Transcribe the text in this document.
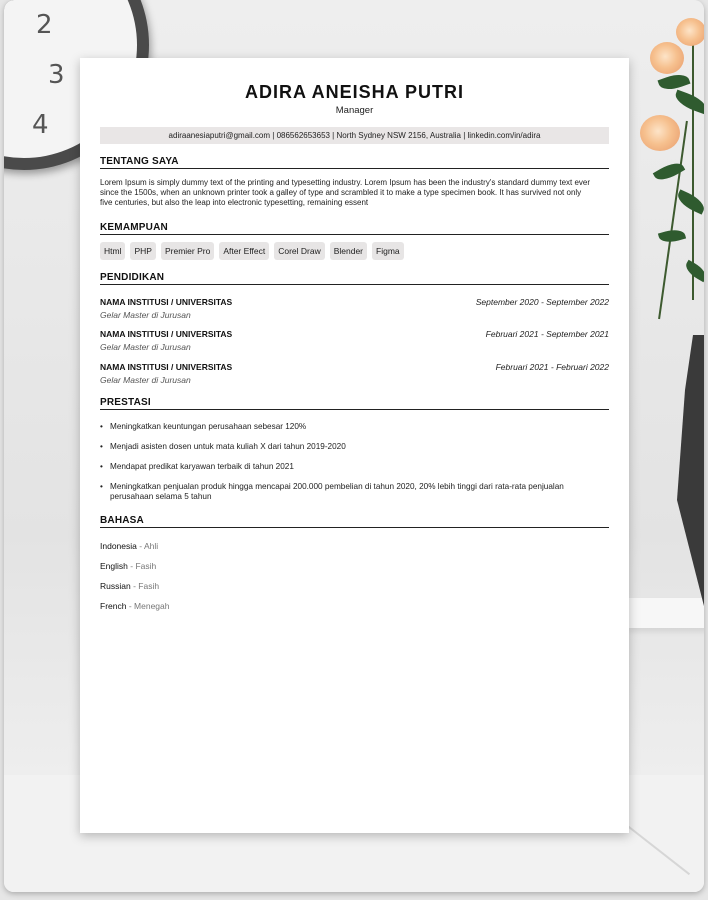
2
3
4
ADIRA ANEISHA PUTRI
Manager
adiraanesiaputri@gmail.com | 086562653653 | North Sydney NSW 2156, Australia | linkedin.com/in/adira
TENTANG SAYA
Lorem Ipsum is simply dummy text of the printing and typesetting industry. Lorem Ipsum has been the industry's standard dummy text ever since the 1500s, when an unknown printer took a galley of type and scrambled it to make a type specimen book. It has survived not only five centuries, but also the leap into electronic typesetting, remaining essent
KEMAMPUAN
Html	PHP	Premier Pro	After Effect	Corel Draw	Blender	Figma
PENDIDIKAN
NAMA INSTITUSI / UNIVERSITAS	September 2020 - September 2022
Gelar Master di Jurusan
NAMA INSTITUSI / UNIVERSITAS	Februari 2021 - September 2021
Gelar Master di Jurusan
NAMA INSTITUSI / UNIVERSITAS	Februari 2021 - Februari 2022
Gelar Master di Jurusan
PRESTASI
• Meningkatkan keuntungan perusahaan sebesar 120%
• Menjadi asisten dosen untuk mata kuliah X dari tahun 2019-2020
• Mendapat predikat karyawan terbaik di tahun 2021
• Meningkatkan penjualan produk hingga mencapai 200.000 pembelian di tahun 2020, 20% lebih tinggi dari rata-rata penjualan perusahaan selama 5 tahun
BAHASA
Indonesia - Ahli
English - Fasih
Russian - Fasih
French - Menegah
